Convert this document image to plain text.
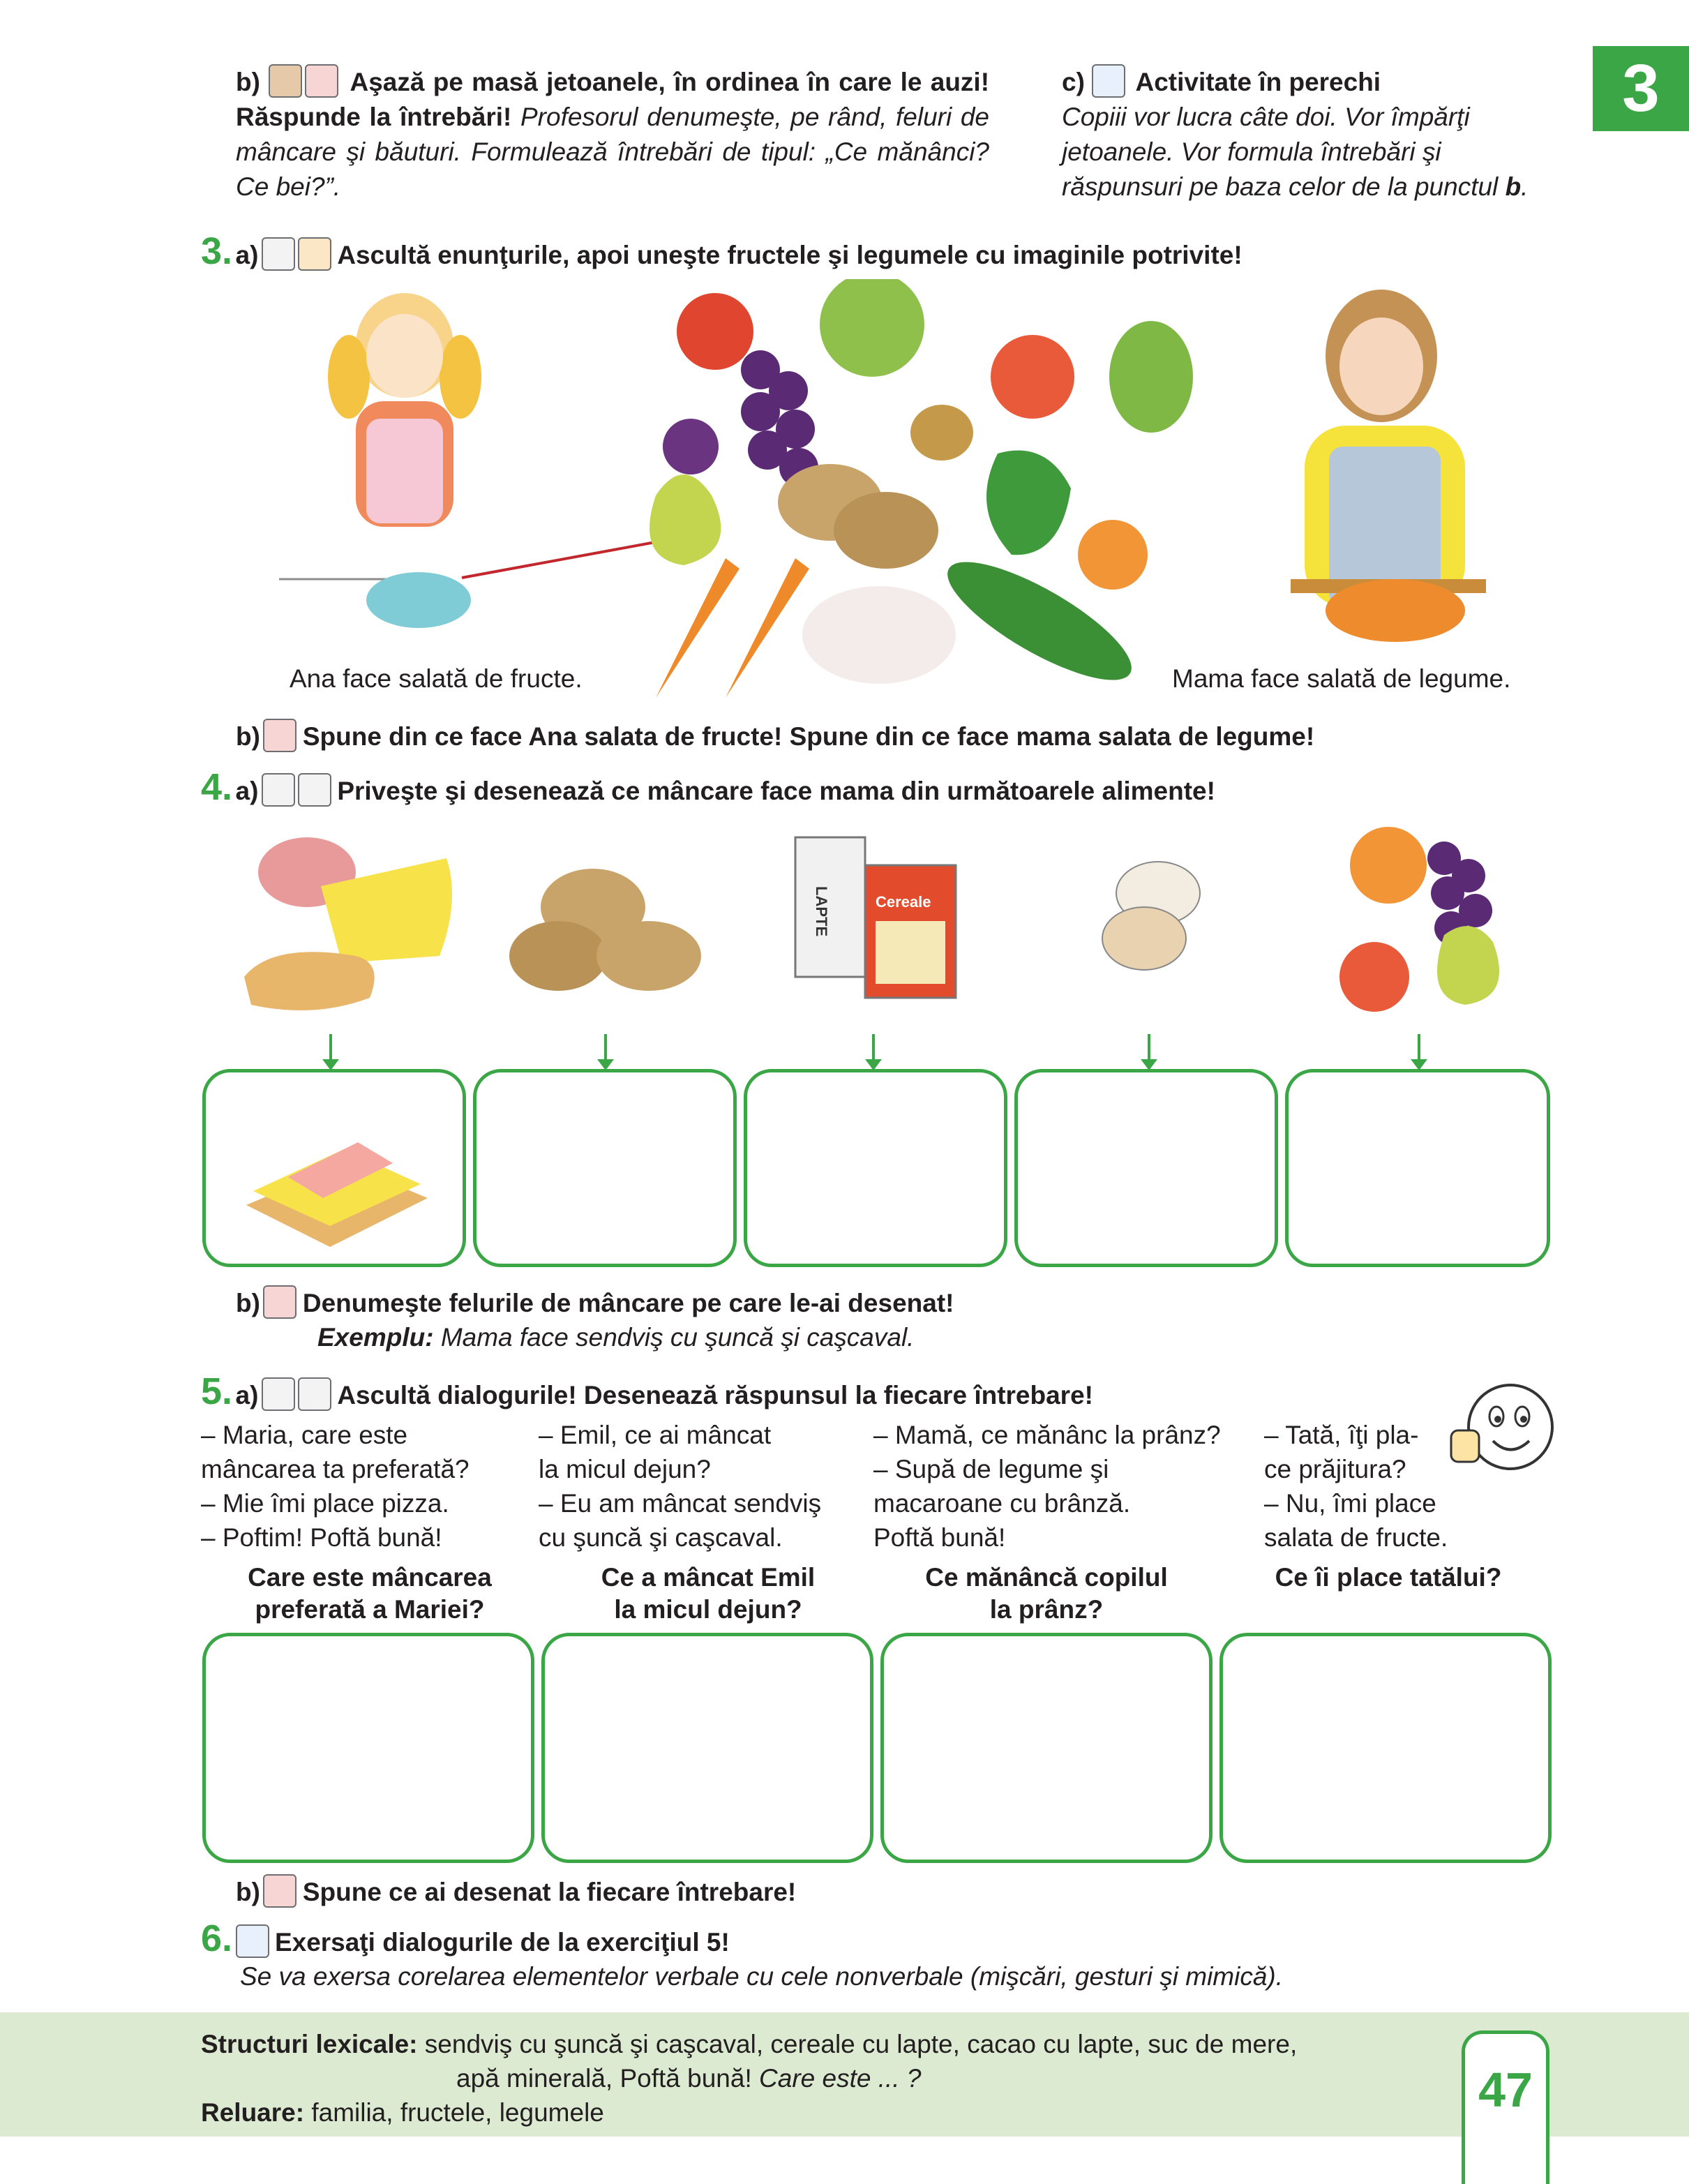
3
b)	Aşază pe masă jetoanele, în ordinea în care le auzi! Răspunde la întrebări! Profesorul denumeşte, pe rând, feluri de mâncare şi băuturi. Formulează întrebări de tipul: „Ce mănânci? Ce bei?”.
c) Activitate în perechi
Copiii vor lucra câte doi. Vor împărţi jetoanele. Vor formula întrebări şi răspunsuri pe baza celor de la punctul b.
3. a)	Ascultă enunţurile, apoi uneşte fructele şi legumele cu imaginile potrivite!
Ana face salată de fructe.	Mama face salată de legume.
b) Spune din ce face Ana salata de fructe! Spune din ce face mama salata de legume!
4. a)	Priveşte şi desenează ce mâncare face mama din următoarele alimente!
LAPTE	Cereale
b) Denumeşte felurile de mâncare pe care le-ai desenat!
Exemplu: Mama face sendviş cu şuncă şi caşcaval.
5. a)	Ascultă dialogurile! Desenează răspunsul la fiecare întrebare!
– Maria, care este
mâncarea ta preferată?
– Mie îmi place pizza.
– Poftim! Poftă bună!
– Emil, ce ai mâncat
la micul dejun?
– Eu am mâncat sendviş
cu şuncă şi caşcaval.
– Mamă, ce mănânc la prânz?
– Supă de legume şi
macaroane cu brânză.
Poftă bună!
– Tată, îţi pla-
ce prăjitura?
– Nu, îmi place
salata de fructe.
Care este mâncarea
preferată a Mariei?
Ce a mâncat Emil
la micul dejun?
Ce mănâncă copilul
la prânz?
Ce îi place tatălui?
b) Spune ce ai desenat la fiecare întrebare!
6. Exersaţi dialogurile de la exerciţiul 5!
Se va exersa corelarea elementelor verbale cu cele nonverbale (mişcări, gesturi şi mimică).
Structuri lexicale: sendviş cu şuncă şi caşcaval, cereale cu lapte, cacao cu lapte, suc de mere,
apă minerală, Poftă bună! Care este ... ?
Reluare: familia, fructele, legumele	47
